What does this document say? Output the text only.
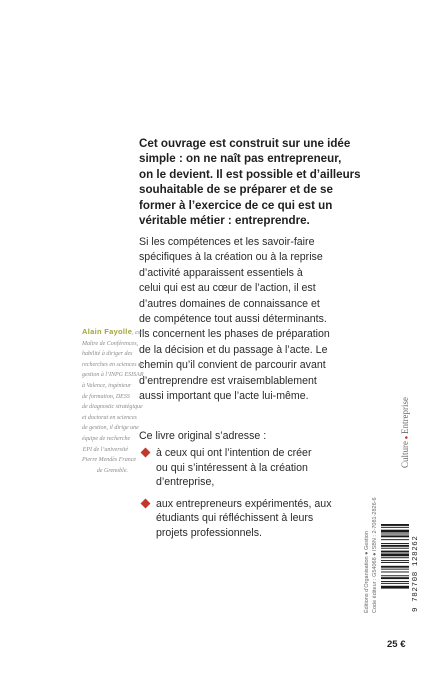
Cet ouvrage est construit sur une idée
simple : on ne naît pas entrepreneur,
on le devient. Il est possible et d’ailleurs
souhaitable de se préparer et de se
former à l’exercice de ce qui est un
véritable métier : entreprendre.
Si les compétences et les savoir-faire
spécifiques à la création ou à la reprise
d’activité apparaissent essentiels à
celui qui est au cœur de l’action, il est
d’autres domaines de connaissance et
de compétence tout aussi déterminants.
Ils concernent les phases de préparation
de la décision et du passage à l’acte. Le
chemin qu’il convient de parcourir avant
d’entreprendre est vraisemblablement
aussi important que l’acte lui-même.
Ce livre original s’adresse :
à ceux qui ont l’intention de créer
ou qui s’intéressent à la création
d’entreprise,
aux entrepreneurs expérimentés, aux
étudiants qui réfléchissent à leurs
projets professionnels.
Alain Fayolle, est
Maître de Conférences,
habilité à diriger des
recherches en sciences de
gestion à l’INPG ESISAR
à Valence, ingénieur
de formation, DESS
de diagnostic stratégique
et doctorat en sciences
de gestion, il dirige une
équipe de recherche
EPI de l’université
Pierre Mendès France
de Grenoble.
Culture ● Entreprise
Éditions d’Organisation ● Gestion Code éditeur : G54068 ● ISBN : 2-7081-2826-6	9 782708 128262
25 €
